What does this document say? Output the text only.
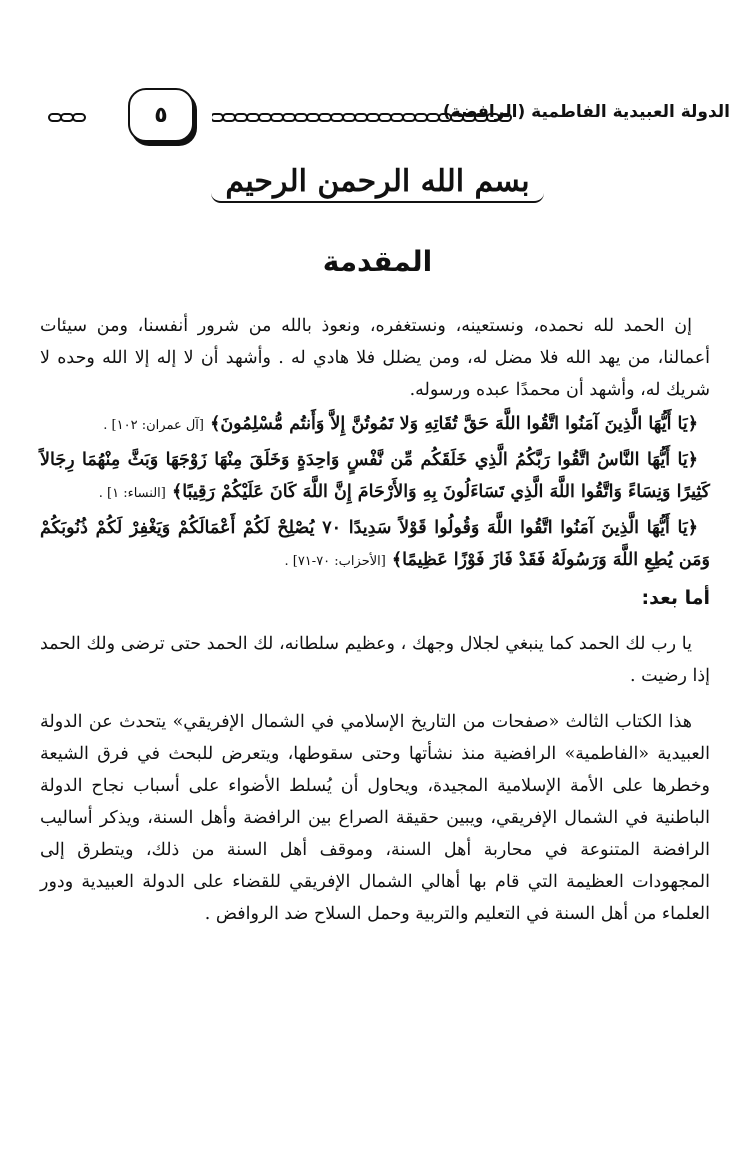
الدولة العبيدية الفاطمية (الرافضة)
٥
بسم الله الرحمن الرحيم
المقدمة

إن الحمد لله نحمده، ونستعينه، ونستغفره، ونعوذ بالله من شرور أنفسنا، ومن سيئات أعمالنا، من يهد الله فلا مضل له، ومن يضلل فلا هادي له . وأشهد أن لا إله إلا الله وحده لا شريك له، وأشهد أن محمدًا عبده ورسوله.

﴿يَا أَيُّهَا الَّذِينَ آمَنُوا اتَّقُوا اللَّهَ حَقَّ تُقَاتِهِ وَلا تَمُوتُنَّ إِلاَّ وَأَنتُم مُّسْلِمُونَ﴾ [آل عمران: ١٠٢] .

﴿يَا أَيُّهَا النَّاسُ اتَّقُوا رَبَّكُمُ الَّذِي خَلَقَكُم مِّن نَّفْسٍ وَاحِدَةٍ وَخَلَقَ مِنْهَا زَوْجَهَا وَبَثَّ مِنْهُمَا رِجَالاً كَثِيرًا وَنِسَاءً وَاتَّقُوا اللَّهَ الَّذِي تَسَاءَلُونَ بِهِ وَالأَرْحَامَ إِنَّ اللَّهَ كَانَ عَلَيْكُمْ رَقِيبًا﴾ [النساء: ١] .

﴿يَا أَيُّهَا الَّذِينَ آمَنُوا اتَّقُوا اللَّهَ وَقُولُوا قَوْلاً سَدِيدًا ٧٠ يُصْلِحْ لَكُمْ أَعْمَالَكُمْ وَيَغْفِرْ لَكُمْ ذُنُوبَكُمْ وَمَن يُطِعِ اللَّهَ وَرَسُولَهُ فَقَدْ فَازَ فَوْزًا عَظِيمًا﴾ [الأحزاب: ٧٠-٧١] .

أما بعد:

يا رب لك الحمد كما ينبغي لجلال وجهك ، وعظيم سلطانه، لك الحمد حتى ترضى ولك الحمد إذا رضيت .

هذا الكتاب الثالث «صفحات من التاريخ الإسلامي في الشمال الإفريقي» يتحدث عن الدولة العبيدية «الفاطمية» الرافضية منذ نشأتها وحتى سقوطها، ويتعرض للبحث في فرق الشيعة وخطرها على الأمة الإسلامية المجيدة، ويحاول أن يُسلط الأضواء على أسباب نجاح الدولة الباطنية في الشمال الإفريقي، ويبين حقيقة الصراع بين الرافضة وأهل السنة، ويذكر أساليب الرافضة المتنوعة في محاربة أهل السنة، وموقف أهل السنة من ذلك، ويتطرق إلى المجهودات العظيمة التي قام بها أهالي الشمال الإفريقي للقضاء على الدولة العبيدية ودور العلماء من أهل السنة في التعليم والتربية وحمل السلاح ضد الروافض .
